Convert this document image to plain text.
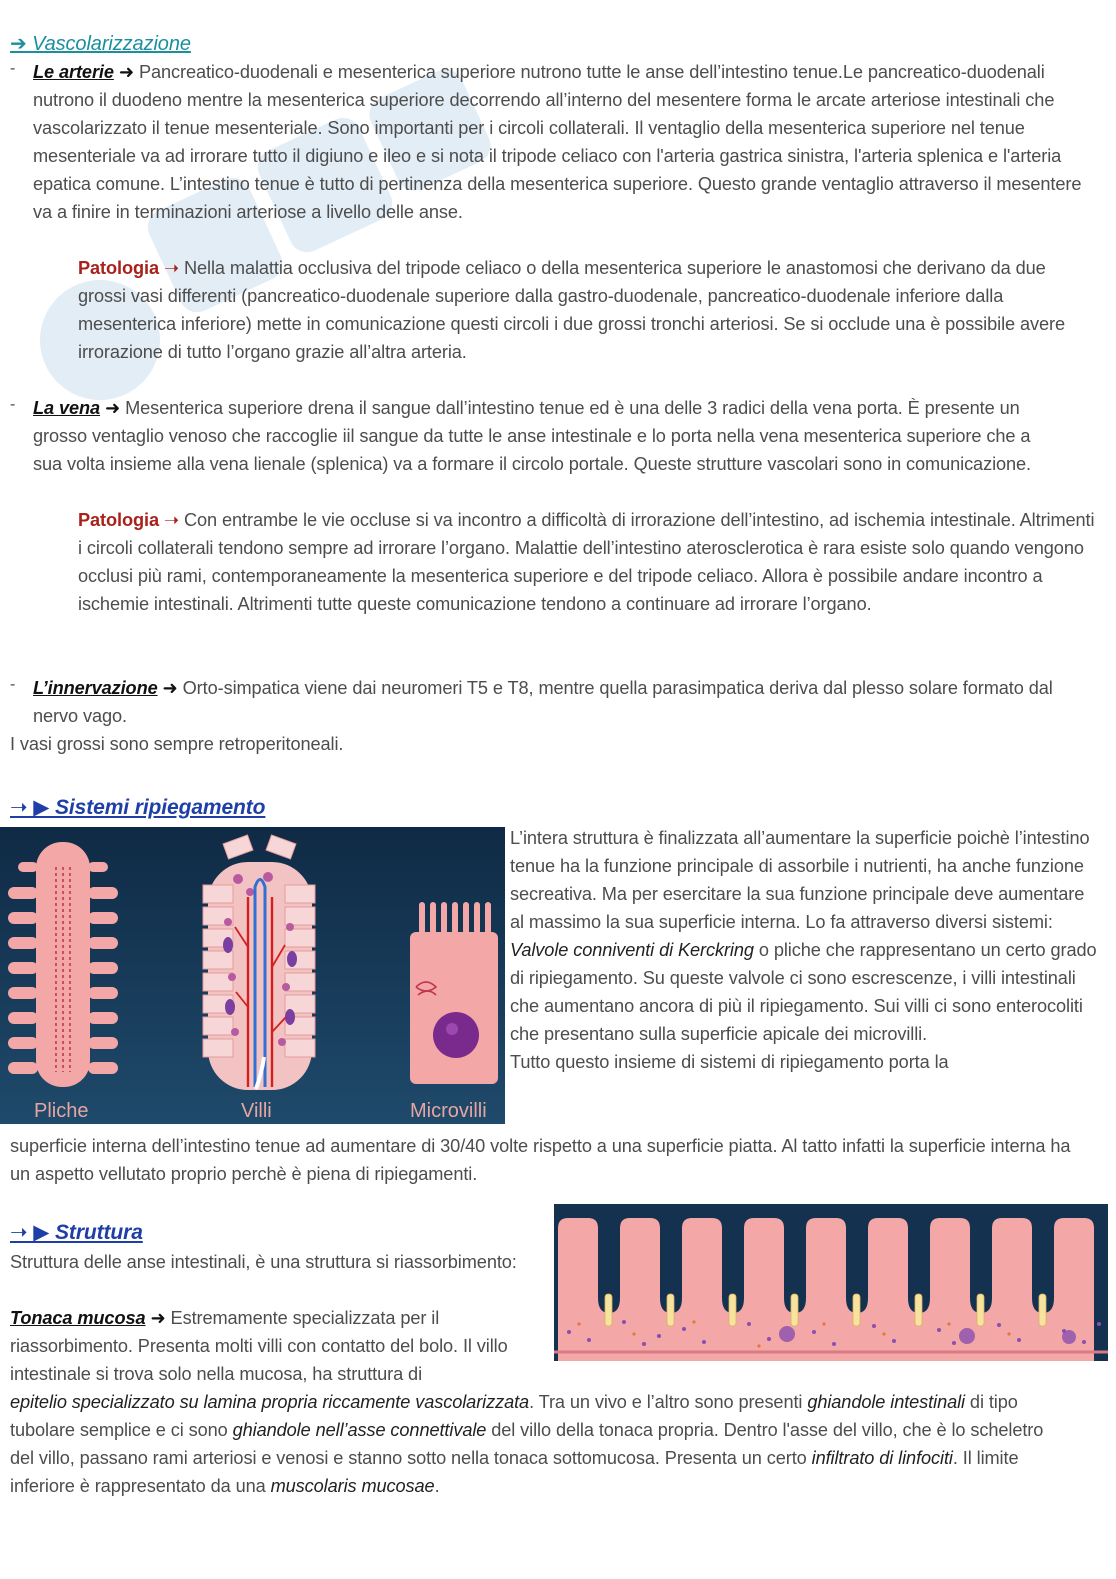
➔ Vascolarizzazione
- Le arterie ➜ Pancreatico-duodenali e mesenterica superiore nutrono tutte le anse dell’intestino tenue.Le pancreatico-duodenali nutrono il duodeno mentre la mesenterica superiore decorrendo all’interno del mesentere forma le arcate arteriose intestinali che vascolarizzato il tenue mesenteriale. Sono importanti per i circoli collaterali. Il ventaglio della mesenterica superiore nel tenue mesenteriale va ad irrorare tutto il digiuno e ileo e si nota il tripode celiaco con l'arteria gastrica sinistra, l'arteria splenica e l'arteria epatica comune. L’intestino tenue è tutto di pertinenza della mesenterica superiore. Questo grande ventaglio attraverso il mesentere va a finire in terminazioni arteriose a livello delle anse.
Patologia ➝ Nella malattia occlusiva del tripode celiaco o della mesenterica superiore le anastomosi che derivano da due grossi vasi differenti (pancreatico-duodenale superiore dalla gastro-duodenale, pancreatico-duodenale inferiore dalla mesenterica inferiore) mette in comunicazione questi circoli i due grossi tronchi arteriosi. Se si occlude una è possibile avere irrorazione di tutto l’organo grazie all’altra arteria.
- La vena ➜ Mesenterica superiore drena il sangue dall’intestino tenue ed è una delle 3 radici della vena porta. È presente un grosso ventaglio venoso che raccoglie iil sangue da tutte le anse intestinale e lo porta nella vena mesenterica superiore che a sua volta insieme alla vena lienale (splenica) va a formare il circolo portale. Queste strutture vascolari sono in comunicazione.
Patologia ➝ Con entrambe le vie occluse si va incontro a difficoltà di irrorazione dell’intestino, ad ischemia intestinale. Altrimenti i circoli collaterali tendono sempre ad irrorare l’organo. Malattie dell’intestino aterosclerotica è rara esiste solo quando vengono occlusi più rami, contemporaneamente la mesenterica superiore e del tripode celiaco. Allora è possibile andare incontro a ischemie intestinali. Altrimenti tutte queste comunicazione tendono a continuare ad irrorare l’organo.
- L’innervazione ➜ Orto-simpatica viene dai neuromeri T5 e T8, mentre quella parasimpatica deriva dal plesso solare formato dal nervo vago.
I vasi grossi sono sempre retroperitoneali.
➝ ▶ Sistemi ripiegamento
Pliche	Villi	Microvilli
L’intera struttura è finalizzata all’aumentare la superficie poichè l’intestino tenue ha la funzione principale di assorbile i nutrienti, ha anche funzione secreativa. Ma per esercitare la sua funzione principale deve aumentare al massimo la sua superficie interna. Lo fa attraverso diversi sistemi:
Valvole conniventi di Kerckring o pliche che rappresentano un certo grado di ripiegamento. Su queste valvole ci sono escrescenze, i villi intestinali che aumentano ancora di più il ripiegamento. Sui villi ci sono enterocoliti che presentano sulla superficie apicale dei microvilli.
Tutto questo insieme di sistemi di ripiegamento porta la
superficie interna dell’intestino tenue ad aumentare di 30/40 volte rispetto a una superficie piatta. Al tatto infatti la superficie interna ha un aspetto vellutato proprio perchè è piena di ripiegamenti.
➝ ▶ Struttura
Struttura delle anse intestinali, è una struttura si riassorbimento:
Tonaca mucosa ➜ Estremamente specializzata per il riassorbimento. Presenta molti villi con contatto del bolo. Il villo intestinale si trova solo nella mucosa, ha struttura di
epitelio specializzato su lamina propria riccamente vascolarizzata. Tra un vivo e l’altro sono presenti ghiandole intestinali di tipo tubolare semplice e ci sono ghiandole nell’asse connettivale del villo della tonaca propria. Dentro l'asse del villo, che è lo scheletro del villo, passano rami arteriosi e venosi e stanno sotto nella tonaca sottomucosa. Presenta un certo infiltrato di linfociti. Il limite inferiore è rappresentato da una muscolaris mucosae.
